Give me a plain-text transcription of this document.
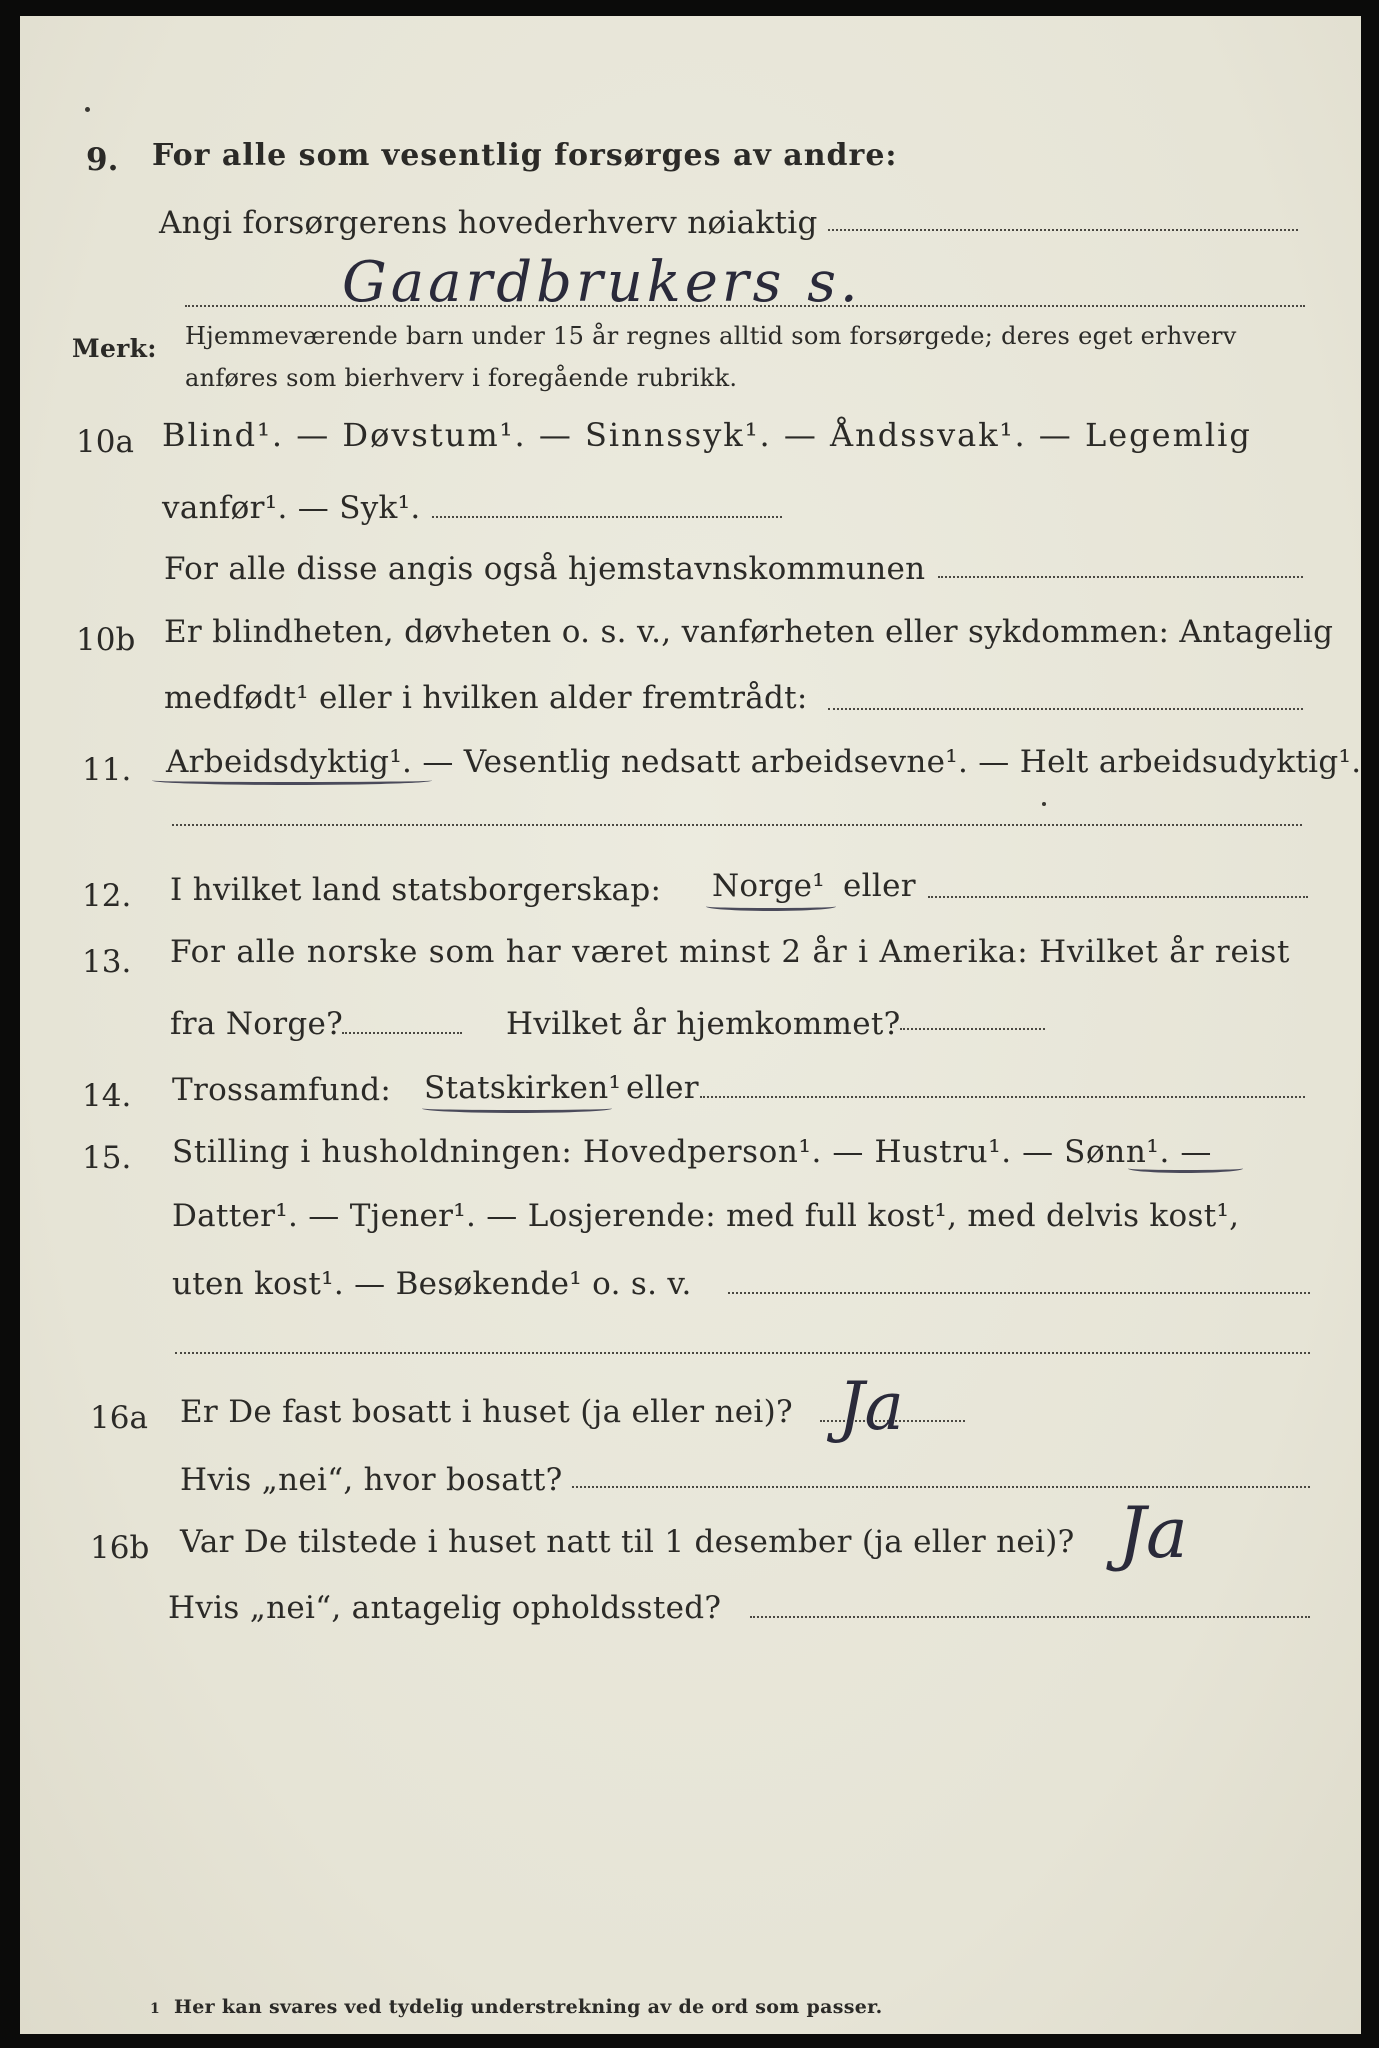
9. For alle som vesentlig forsørges av andre:
Angi forsørgerens hovederhverv nøiaktig
Gaardbrukers s.
Merk: Hjemmeværende barn under 15 år regnes alltid som forsørgede; deres eget erhverv
anføres som bierhverv i foregående rubrikk.
10a Blind¹. — Døvstum¹. — Sinnssyk¹. — Åndssvak¹. — Legemlig
vanfør¹. — Syk¹.
For alle disse angis også hjemstavnskommunen
10b Er blindheten, døvheten o. s. v., vanførheten eller sykdommen: Antagelig
medfødt¹ eller i hvilken alder fremtrådt:
11. Arbeidsdyktig¹. — Vesentlig nedsatt arbeidsevne¹. — Helt arbeidsudyktig¹.
12. I hvilket land statsborgerskap: Norge¹ eller
13. For alle norske som har været minst 2 år i Amerika: Hvilket år reist
fra Norge?	Hvilket år hjemkommet?
14. Trossamfund: Statskirken¹ eller
15. Stilling i husholdningen: Hovedperson¹. — Hustru¹. — Sønn¹. —
Datter¹. — Tjener¹. — Losjerende: med full kost¹, med delvis kost¹,
uten kost¹. — Besøkende¹ o. s. v.
16a Er De fast bosatt i huset (ja eller nei)? Ja
Hvis „nei“, hvor bosatt?
16b Var De tilstede i huset natt til 1 desember (ja eller nei)? Ja
Hvis „nei“, antagelig opholdssted?
1 Her kan svares ved tydelig understrekning av de ord som passer.
